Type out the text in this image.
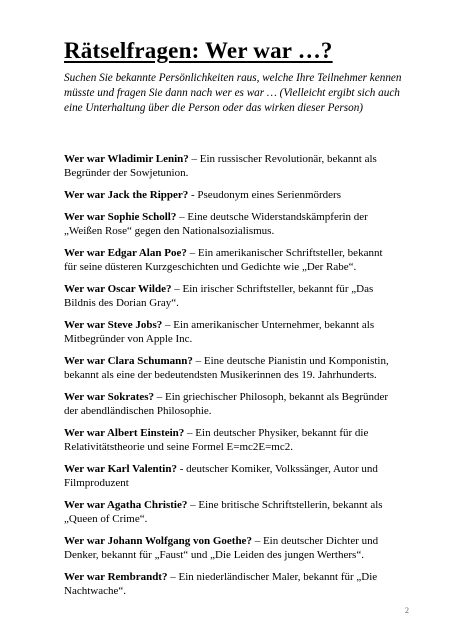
Rätselfragen: Wer war …?
Suchen Sie bekannte Persönlichkeiten raus, welche Ihre Teilnehmer kennen müsste und fragen Sie dann nach wer es war … (Vielleicht ergibt sich auch eine Unterhaltung über die Person oder das wirken dieser Person)

Wer war Wladimir Lenin? – Ein russischer Revolutionär, bekannt als Begründer der Sowjetunion.

Wer war Jack the Ripper? - Pseudonym eines Serienmörders

Wer war Sophie Scholl? – Eine deutsche Widerstandskämpferin der „Weißen Rose“ gegen den Nationalsozialismus.

Wer war Edgar Alan Poe? – Ein amerikanischer Schriftsteller, bekannt für seine düsteren Kurzgeschichten und Gedichte wie „Der Rabe“.

Wer war Oscar Wilde? – Ein irischer Schriftsteller, bekannt für „Das Bildnis des Dorian Gray“.

Wer war Steve Jobs? – Ein amerikanischer Unternehmer, bekannt als Mitbegründer von Apple Inc.

Wer war Clara Schumann? – Eine deutsche Pianistin und Komponistin, bekannt als eine der bedeutendsten Musikerinnen des 19. Jahrhunderts.

Wer war Sokrates? – Ein griechischer Philosoph, bekannt als Begründer der abendländischen Philosophie.

Wer war Albert Einstein? – Ein deutscher Physiker, bekannt für die Relativitätstheorie und seine Formel E=mc2E=mc2.

Wer war Karl Valentin? - deutscher Komiker, Volkssänger, Autor und Filmproduzent

Wer war Agatha Christie? – Eine britische Schriftstellerin, bekannt als „Queen of Crime“.

Wer war Johann Wolfgang von Goethe? – Ein deutscher Dichter und Denker, bekannt für „Faust“ und „Die Leiden des jungen Werthers“.

Wer war Rembrandt? – Ein niederländischer Maler, bekannt für „Die Nachtwache“.

2
